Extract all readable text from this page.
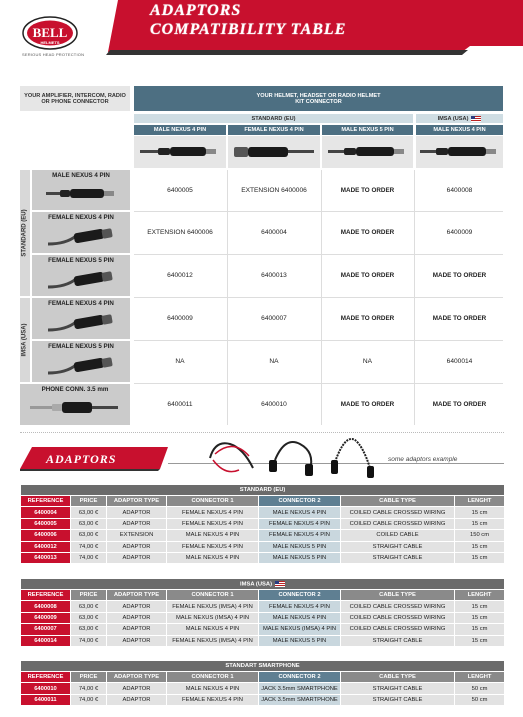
BELL
HELMETS
SERIOUS HEAD PROTECTION
ADAPTORS
COMPATIBILITY TABLE
YOUR AMPLIFIER, INTERCOM, RADIO OR PHONE CONNECTOR
YOUR HELMET, HEADSET OR RADIO HELMET KIT CONNECTOR
STANDARD (EU)	IMSA (USA)
MALE NEXUS 4 PIN	FEMALE NEXUS 4 PIN	MALE NEXUS 5 PIN	MALE NEXUS 4 PIN
STANDARD (EU)
IMSA (USA)
MALE NEXUS 4 PIN
6400005	EXTENSION 6400006	MADE TO ORDER	6400008
FEMALE NEXUS 4 PIN
EXTENSION 6400006	6400004	MADE TO ORDER	6400009
FEMALE NEXUS 5 PIN
6400012	6400013	MADE TO ORDER	MADE TO ORDER
FEMALE NEXUS 4 PIN
6400009	6400007	MADE TO ORDER	MADE TO ORDER
FEMALE NEXUS 5 PIN
NA	NA	NA	6400014
PHONE CONN. 3.5 mm
6400011	6400010	MADE TO ORDER	MADE TO ORDER
ADAPTORS	some adaptors example
STANDARD (EU)						
REFERENCE	PRICE	ADAPTOR TYPE	CONNECTOR 1	CONNECTOR 2	CABLE TYPE	LENGHT
6400004	63,00 €	ADAPTOR	FEMALE NEXUS 4 PIN	MALE NEXUS 4 PIN	COILED CABLE CROSSED WIRING	15 cm
6400005	63,00 €	ADAPTOR	FEMALE NEXUS 4 PIN	FEMALE NEXUS 4 PIN	COILED CABLE CROSSED WIRING	15 cm
6400006	63,00 €	EXTENSION	MALE NEXUS 4 PIN	FEMALE NEXUS 4 PIN	COILED CABLE	150 cm
6400012	74,00 €	ADAPTOR	FEMALE NEXUS 4 PIN	MALE NEXUS 5 PIN	STRAIGHT CABLE	15 cm
6400013	74,00 €	ADAPTOR	MALE NEXUS 4 PIN	MALE NEXUS 5 PIN	STRAIGHT CABLE	15 cm
IMSA (USA)						
REFERENCE	PRICE	ADAPTOR TYPE	CONNECTOR 1	CONNECTOR 2	CABLE TYPE	LENGHT
6400008	63,00 €	ADAPTOR	FEMALE NEXUS (IMSA) 4 PIN	FEMALE NEXUS 4 PIN	COILED CABLE CROSSED WIRING	15 cm
6400009	63,00 €	ADAPTOR	MALE NEXUS (IMSA) 4 PIN	MALE NEXUS 4 PIN	COILED CABLE CROSSED WIRING	15 cm
6400007	63,00 €	ADAPTOR	MALE NEXUS 4 PIN	MALE NEXUS (IMSA) 4 PIN	COILED CABLE CROSSED WIRING	15 cm
6400014	74,00 €	ADAPTOR	FEMALE NEXUS (IMSA) 4 PIN	MALE NEXUS 5 PIN	STRAIGHT CABLE	15 cm
STANDART SMARTPHONE						
REFERENCE	PRICE	ADAPTOR TYPE	CONNECTOR 1	CONNECTOR 2	CABLE TYPE	LENGHT
6400010	74,00 €	ADAPTOR	MALE NEXUS 4 PIN	JACK 3.5mm SMARTPHONE	STRAIGHT CABLE	50 cm
6400011	74,00 €	ADAPTOR	FEMALE NEXUS 4 PIN	JACK 3.5mm SMARTPHONE	STRAIGHT CABLE	50 cm
